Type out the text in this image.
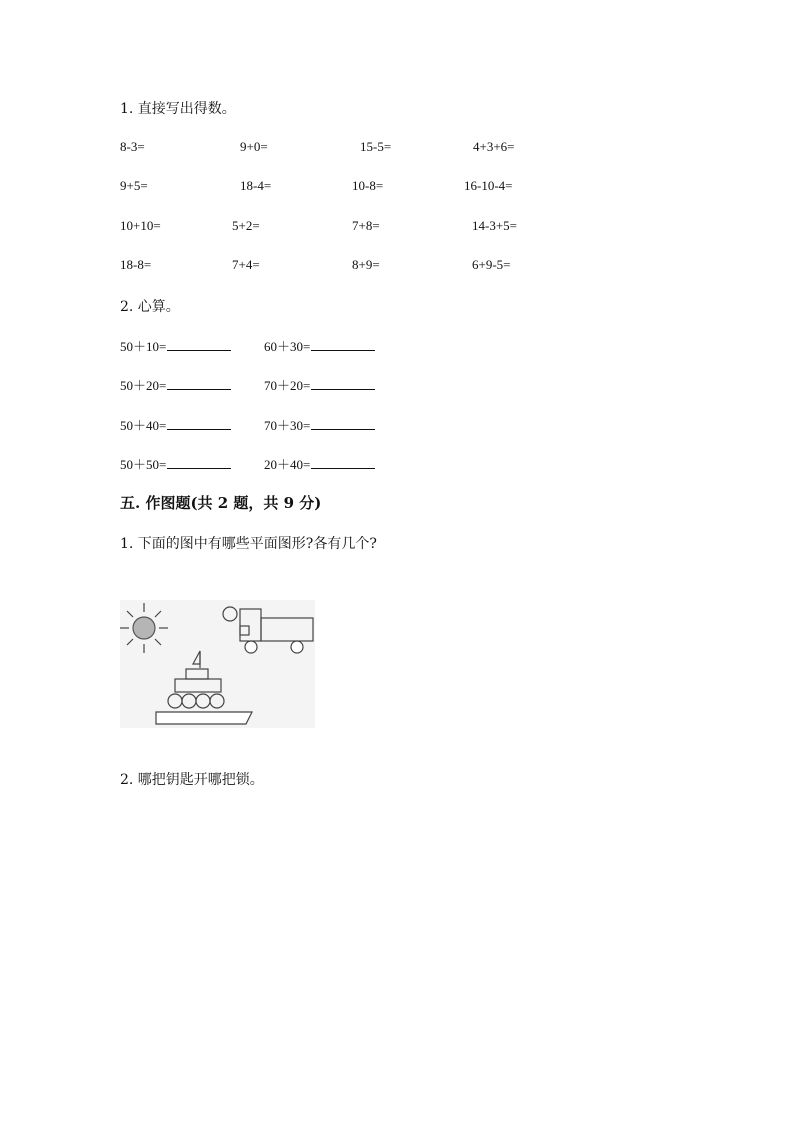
1. 直接写出得数。
8-3=	9+0=	15-5=	4+3+6=
9+5=	18-4=	10-8=	16-10-4=
10+10=	5+2=	7+8=	14-3+5=
18-8=	7+4=	8+9=	6+9-5=
2. 心算。
50＋10=	60＋30=
50＋20=	70＋20=
50＋40=	70＋30=
50＋50=	20＋40=
五. 作图题(共 2 题，共 9 分)
1. 下面的图中有哪些平面图形?各有几个?
2. 哪把钥匙开哪把锁。
